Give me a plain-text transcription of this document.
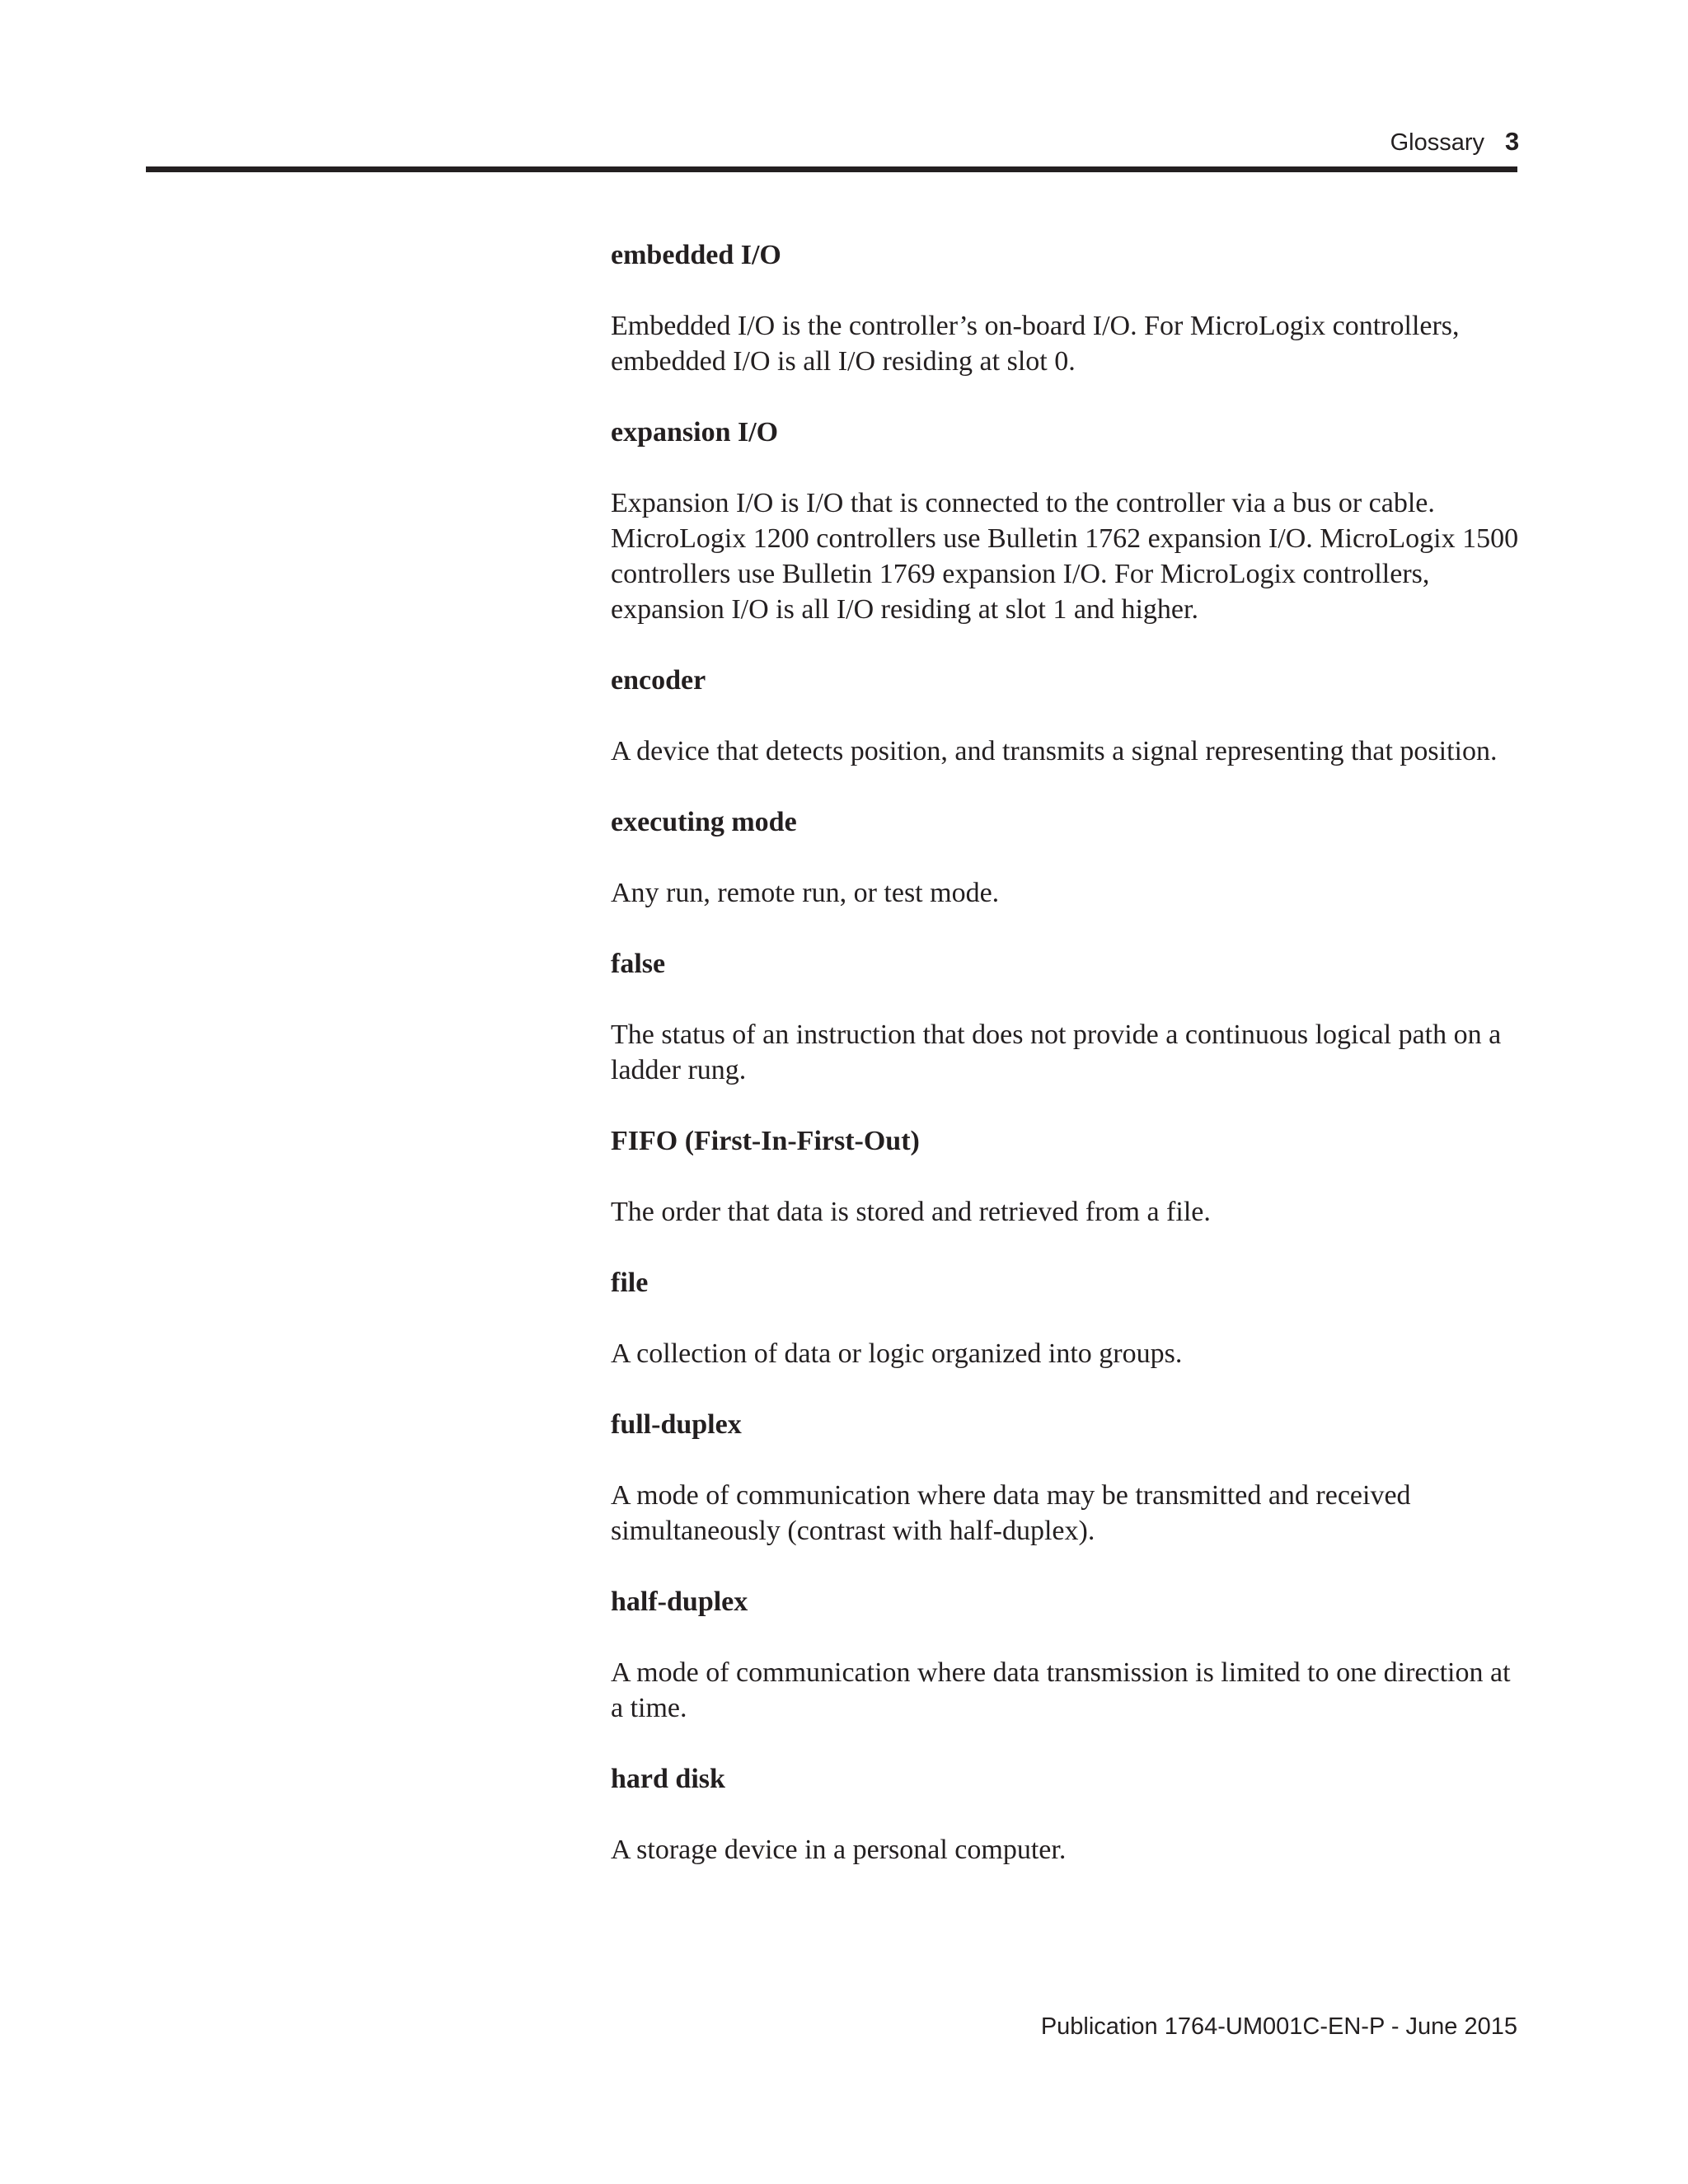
Glossary 3

embedded I/O

Embedded I/O is the controller’s on-board I/O. For MicroLogix controllers, embedded I/O is all I/O residing at slot 0.

expansion I/O

Expansion I/O is I/O that is connected to the controller via a bus or cable. MicroLogix 1200 controllers use Bulletin 1762 expansion I/O. MicroLogix 1500 controllers use Bulletin 1769 expansion I/O. For MicroLogix controllers, expansion I/O is all I/O residing at slot 1 and higher.

encoder

A device that detects position, and transmits a signal representing that position.

executing mode

Any run, remote run, or test mode.

false

The status of an instruction that does not provide a continuous logical path on a ladder rung.

FIFO (First-In-First-Out)

The order that data is stored and retrieved from a file.

file

A collection of data or logic organized into groups.

full-duplex

A mode of communication where data may be transmitted and received simultaneously (contrast with half-duplex).

half-duplex

A mode of communication where data transmission is limited to one direction at a time.

hard disk

A storage device in a personal computer.

Publication 1764-UM001C-EN-P - June 2015
